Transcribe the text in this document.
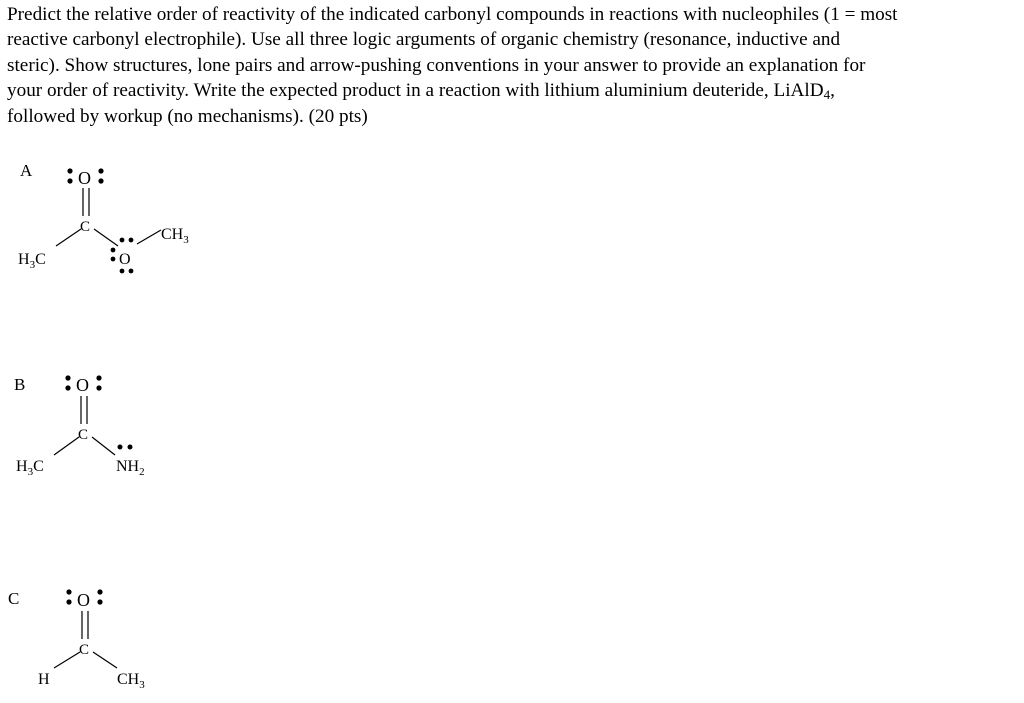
Predict the relative order of reactivity of the indicated carbonyl compounds in reactions with nucleophiles (1 = most
reactive carbonyl electrophile). Use all three logic arguments of organic chemistry (resonance, inductive and
steric). Show structures, lone pairs and arrow-pushing conventions in your answer to provide an explanation for
your order of reactivity. Write the expected product in a reaction with lithium aluminium deuteride, LiAlD$_4$,
followed by workup (no mechanisms). (20 pts)
A	O
C
$H_3C$	O
$CH_3$
B	O
C
$H_3C$	$NH_2$
C	O
C
H	$CH_3$
